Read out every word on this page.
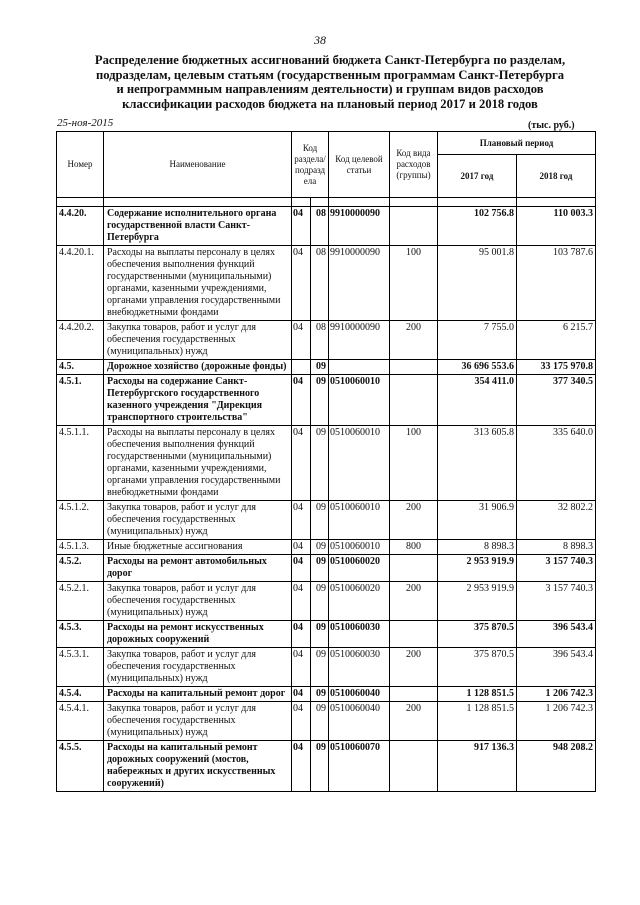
38
Распределение бюджетных ассигнований бюджета Санкт-Петербурга по разделам,
подразделам, целевым статьям (государственным программам Санкт-Петербурга
и непрограммным направлениям деятельности) и группам видов расходов
классификации расходов бюджета на плановый период 2017 и 2018 годов
25-ноя-2015	(тыс. руб.)
Номер	Наименование	Код раздела/ подразд ела		Код целевой статьи	Код вида расходов (группы)	Плановый период	
						2017 год	2018 год

4.4.20.	Содержание исполнительного органа государственной власти Санкт-Петербурга	04	08	9910000090		102 756.8	110 003.3
4.4.20.1.	Расходы на выплаты персоналу в целях обеспечения выполнения функций государственными (муниципальными) органами, казенными учреждениями, органами управления государственными внебюджетными фондами	04	08	9910000090	100	95 001.8	103 787.6
4.4.20.2.	Закупка товаров, работ и услуг для обеспечения государственных (муниципальных) нужд	04	08	9910000090	200	7 755.0	6 215.7
4.5.	Дорожное хозяйство (дорожные фонды)		09			36 696 553.6	33 175 970.8
4.5.1.	Расходы на содержание Санкт-Петербургского государственного казенного учреждения "Дирекция транспортного строительства"	04	09	0510060010		354 411.0	377 340.5
4.5.1.1.	Расходы на выплаты персоналу в целях обеспечения выполнения функций государственными (муниципальными) органами, казенными учреждениями, органами управления государственными внебюджетными фондами	04	09	0510060010	100	313 605.8	335 640.0
4.5.1.2.	Закупка товаров, работ и услуг для обеспечения государственных (муниципальных) нужд	04	09	0510060010	200	31 906.9	32 802.2
4.5.1.3.	Иные бюджетные ассигнования	04	09	0510060010	800	8 898.3	8 898.3
4.5.2.	Расходы на ремонт автомобильных дорог	04	09	0510060020		2 953 919.9	3 157 740.3
4.5.2.1.	Закупка товаров, работ и услуг для обеспечения государственных (муниципальных) нужд	04	09	0510060020	200	2 953 919.9	3 157 740.3
4.5.3.	Расходы на ремонт искусственных дорожных сооружений	04	09	0510060030		375 870.5	396 543.4
4.5.3.1.	Закупка товаров, работ и услуг для обеспечения государственных (муниципальных) нужд	04	09	0510060030	200	375 870.5	396 543.4
4.5.4.	Расходы на капитальный ремонт дорог	04	09	0510060040		1 128 851.5	1 206 742.3
4.5.4.1.	Закупка товаров, работ и услуг для обеспечения государственных (муниципальных) нужд	04	09	0510060040	200	1 128 851.5	1 206 742.3
4.5.5.	Расходы на капитальный ремонт дорожных сооружений (мостов, набережных и других искусственных сооружений)	04	09	0510060070		917 136.3	948 208.2
